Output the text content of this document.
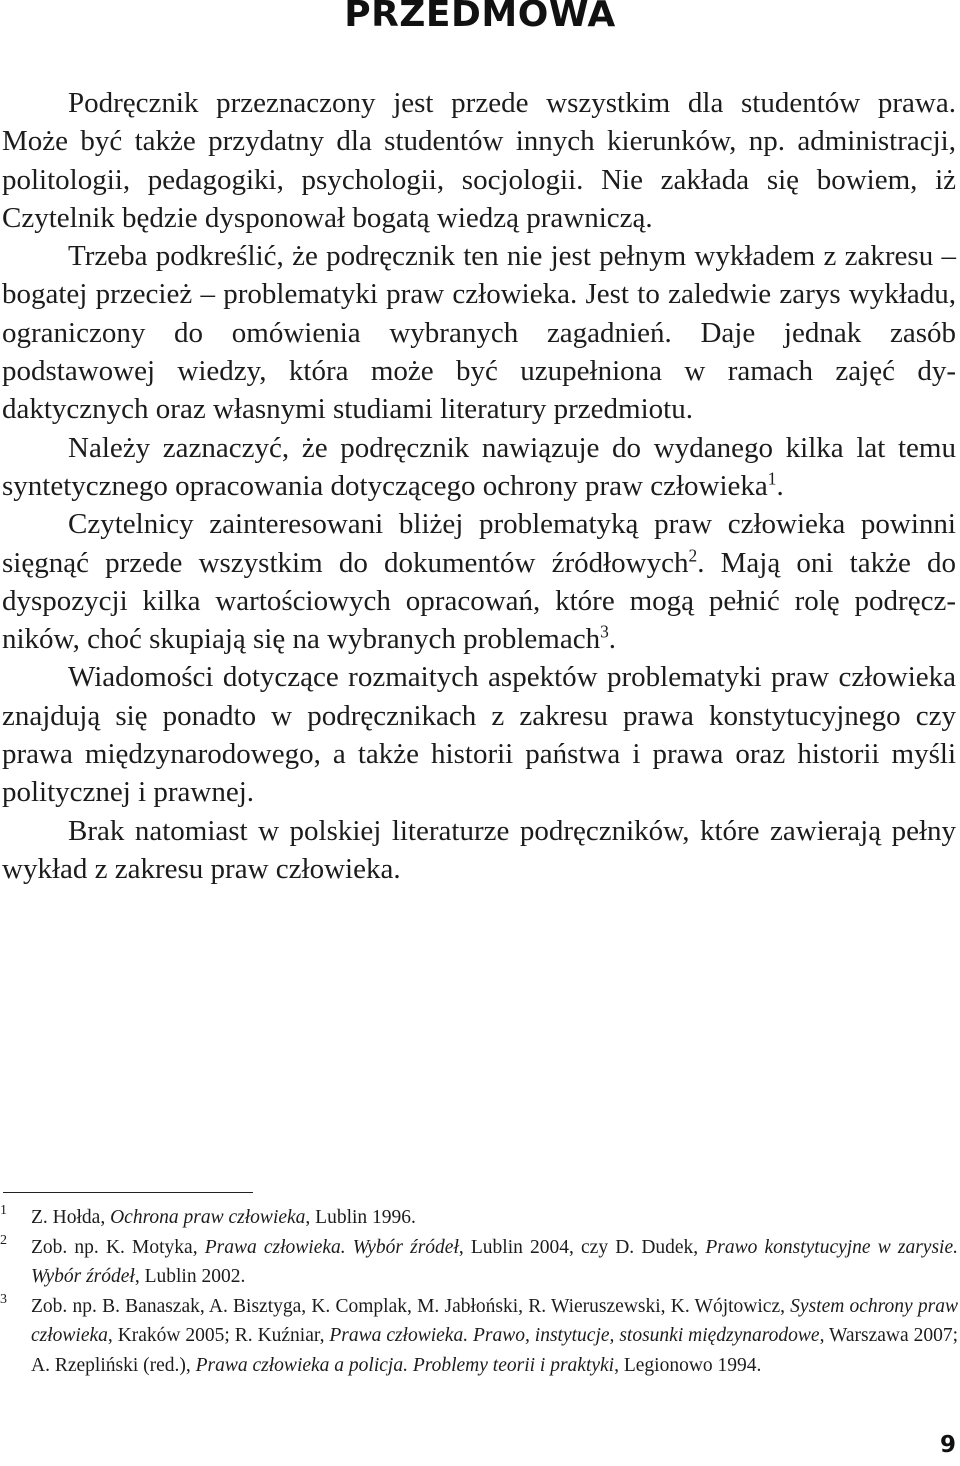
PRZEDMOWA

Podręcznik przeznaczony jest przede wszystkim dla studentów prawa. Może być także przydatny dla studentów innych kierunków, np. administracji, politologii, pedagogiki, psychologii, socjologii. Nie zakłada się bowiem, iż Czytelnik będzie dysponował bogatą wiedzą prawniczą.

Trzeba podkreślić, że podręcznik ten nie jest pełnym wykładem z zakresu – bogatej przecież – problematyki praw człowieka. Jest to zaledwie zarys wykładu, ograniczony do omówienia wybranych zagadnień. Daje jednak zasób podstawowej wiedzy, która może być uzupełniona w ramach zajęć dydaktycznych oraz własnymi studiami literatury przedmiotu.

Należy zaznaczyć, że podręcznik nawiązuje do wydanego kilka lat temu syntetycznego opracowania dotyczącego ochrony praw człowieka$^1$.

Czytelnicy zainteresowani bliżej problematyką praw człowieka powinni sięgnąć przede wszystkim do dokumentów źródłowych$^2$. Mają oni także do dyspozycji kilka wartościowych opracowań, które mogą pełnić rolę podręczników, choć skupiają się na wybranych problemach$^3$.

Wiadomości dotyczące rozmaitych aspektów problematyki praw człowieka znajdują się ponadto w podręcznikach z zakresu prawa konstytucyjnego czy prawa międzynarodowego, a także historii państwa i prawa oraz historii myśli politycznej i prawnej.

Brak natomiast w polskiej literaturze podręczników, które zawierają pełny wykład z zakresu praw człowieka.

1 Z. Hołda, Ochrona praw człowieka, Lublin 1996.
2 Zob. np. K. Motyka, Prawa człowieka. Wybór źródeł, Lublin 2004, czy D. Dudek, Prawo konstytucyjne w zarysie. Wybór źródeł, Lublin 2002.
3 Zob. np. B. Banaszak, A. Bisztyga, K. Complak, M. Jabłoński, R. Wieruszewski, K. Wójtowicz, System ochrony praw człowieka, Kraków 2005; R. Kuźniar, Prawa człowieka. Prawo, instytucje, stosunki międzynarodowe, Warszawa 2007; A. Rzepliński (red.), Prawa człowieka a policja. Problemy teorii i praktyki, Legionowo 1994.
9
